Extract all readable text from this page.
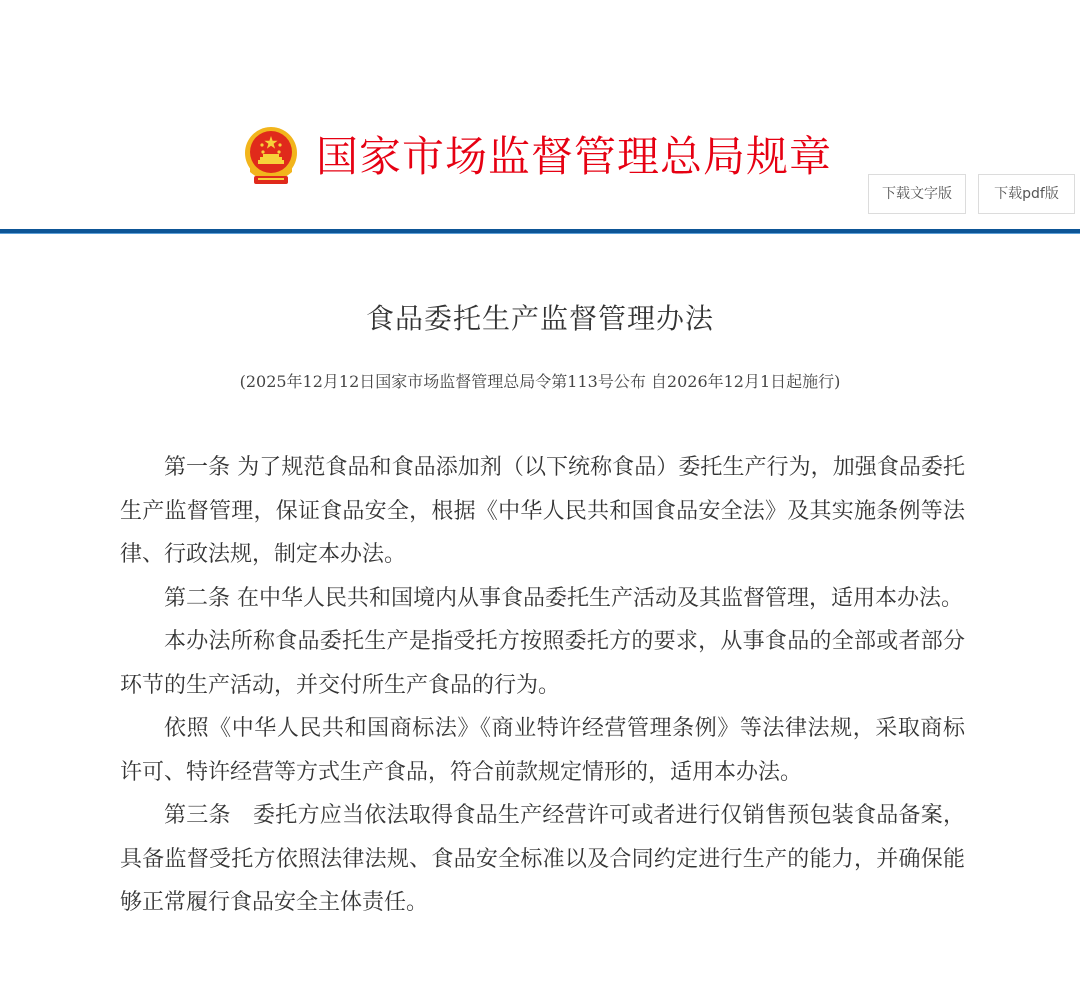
国家市场监督管理总局规章
下载文字版	下载pdf版
食品委托生产监督管理办法
(2025年12月12日国家市场监督管理总局令第113号公布 自2026年12月1日起施行)

第一条 为了规范食品和食品添加剂（以下统称食品）委托生产行为，加强食品委托生产监督管理，保证食品安全，根据《中华人民共和国食品安全法》及其实施条例等法律、行政法规，制定本办法。

第二条 在中华人民共和国境内从事食品委托生产活动及其监督管理，适用本办法。

本办法所称食品委托生产是指受托方按照委托方的要求，从事食品的全部或者部分环节的生产活动，并交付所生产食品的行为。

依照《中华人民共和国商标法》《商业特许经营管理条例》等法律法规，采取商标许可、特许经营等方式生产食品，符合前款规定情形的，适用本办法。

第三条　委托方应当依法取得食品生产经营许可或者进行仅销售预包装食品备案，具备监督受托方依照法律法规、食品安全标准以及合同约定进行生产的能力，并确保能够正常履行食品安全主体责任。
